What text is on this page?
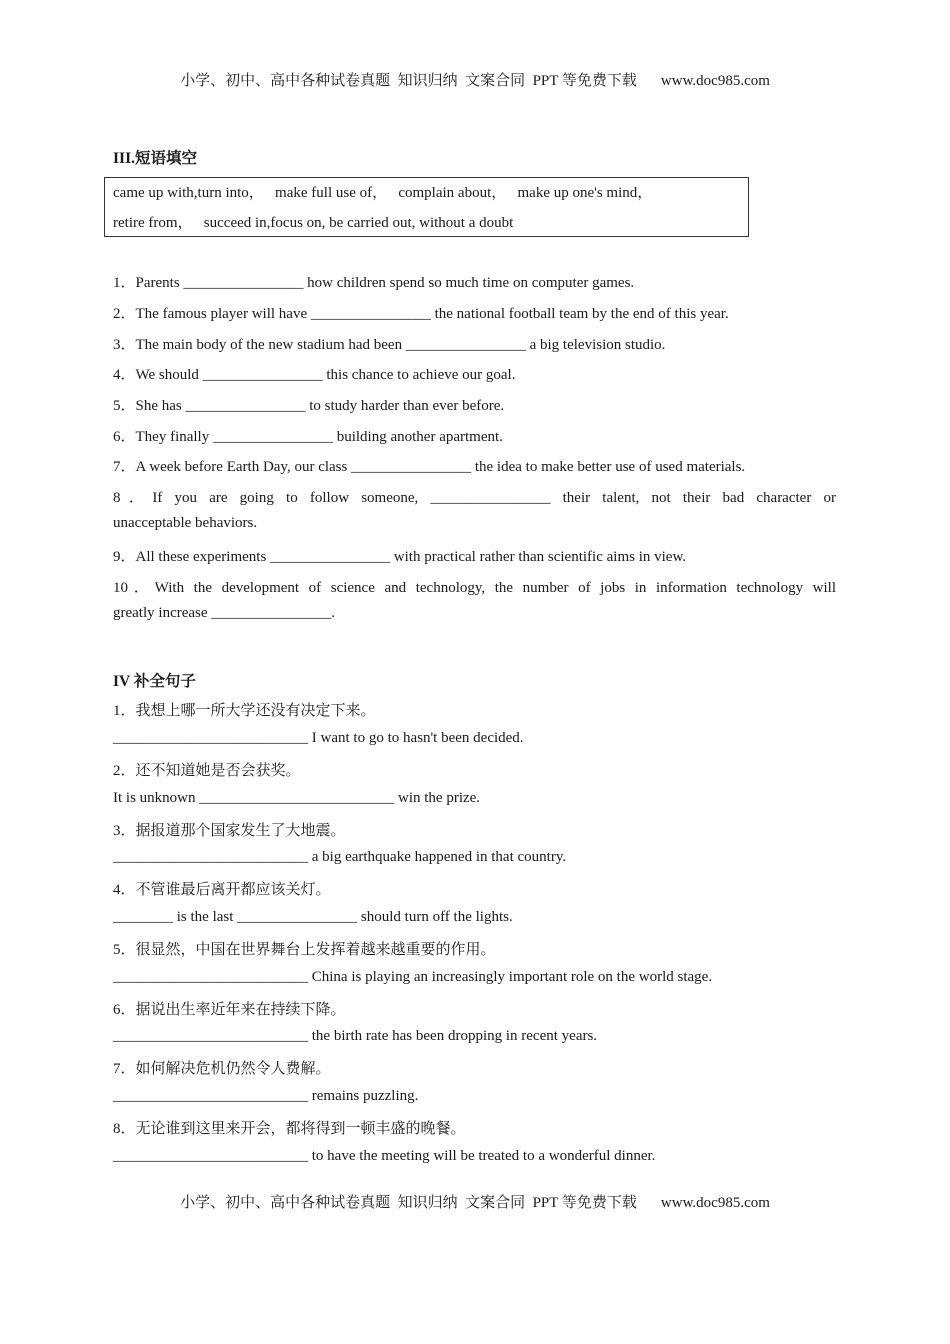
小学、初中、高中各种试卷真题  知识归纳  文案合同  PPT 等免费下载 www.doc985.com
III.短语填空
came up with,turn into，   make full use of，   complain about，   make up one's mind，
retire from，   succeed in,focus on, be carried out, without a doubt
1．Parents ________________ how children spend so much time on computer games.
2．The famous player will have ________________ the national football team by the end of this year.
3．The main body of the new stadium had been ________________ a big television studio.
4．We should ________________ this chance to achieve our goal.
5．She has ________________ to study harder than ever before.
6．They finally ________________ building another apartment.
7．A week before Earth Day, our class ________________ the idea to make better use of used materials.
8．If you are going to follow someone, ________________ their talent, not their bad character or
unacceptable behaviors.
9．All these experiments ________________ with practical rather than scientific aims in view.
10．With the development of science and technology, the number of jobs in information technology will
greatly increase ________________.
IV 补全句子
1．我想上哪一所大学还没有决定下来。
__________________________ I want to go to hasn't been decided.
2．还不知道她是否会获奖。
It is unknown __________________________ win the prize.
3．据报道那个国家发生了大地震。
__________________________ a big earthquake happened in that country.
4．不管谁最后离开都应该关灯。
________ is the last ________________ should turn off the lights.
5．很显然，中国在世界舞台上发挥着越来越重要的作用。
__________________________ China is playing an increasingly important role on the world stage.
6．据说出生率近年来在持续下降。
__________________________ the birth rate has been dropping in recent years.
7．如何解决危机仍然令人费解。
__________________________ remains puzzling.
8．无论谁到这里来开会，都将得到一顿丰盛的晚餐。
__________________________ to have the meeting will be treated to a wonderful dinner.
小学、初中、高中各种试卷真题  知识归纳  文案合同  PPT 等免费下载 www.doc985.com
